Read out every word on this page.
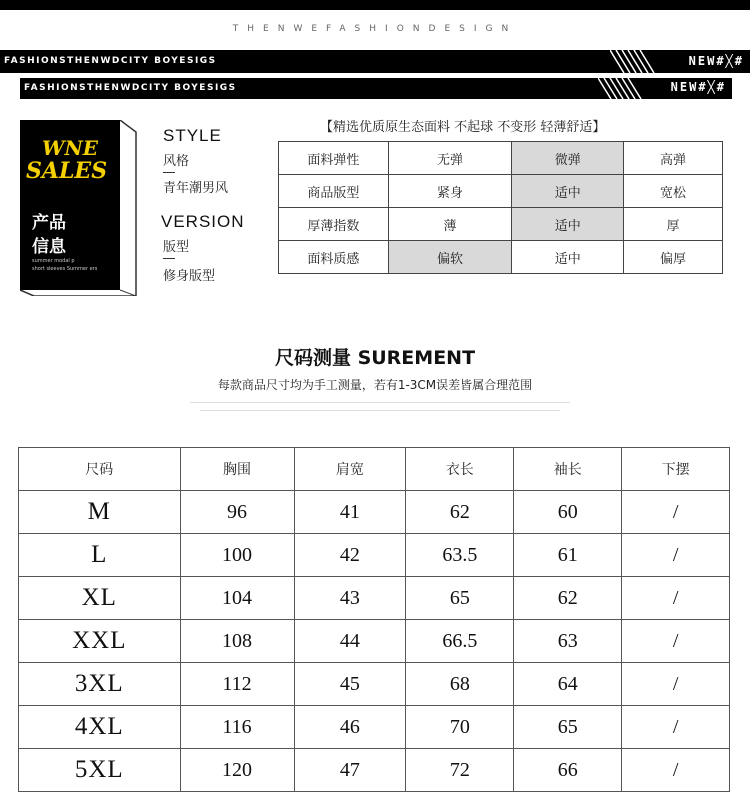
THENWEFASHIONDESIGN
FASHIONSTHENWDCITY BOYESIGS	NEW#╳#
FASHIONSTHENWDCITY BOYESIGS	NEW#╳#
WNE
SALES
产品
信息
summer modal p
short sleeves Summer ers
STYLE
风格
青年潮男风
VERSION
版型
修身版型
【精选优质原生态面料 不起球 不变形 轻薄舒适】
面料弹性	无弹	微弹	高弹
商品版型	紧身	适中	宽松
厚薄指数	薄	适中	厚
面料质感	偏软	适中	偏厚
尺码测量 SUREMENT
每款商品尺寸均为手工测量，若有1-3CM误差皆属合理范围
尺码	胸围	肩宽	衣长	袖长	下摆
M	96	41	62	60	/
L	100	42	63.5	61	/
XL	104	43	65	62	/
XXL	108	44	66.5	63	/
3XL	112	45	68	64	/
4XL	116	46	70	65	/
5XL	120	47	72	66	/
